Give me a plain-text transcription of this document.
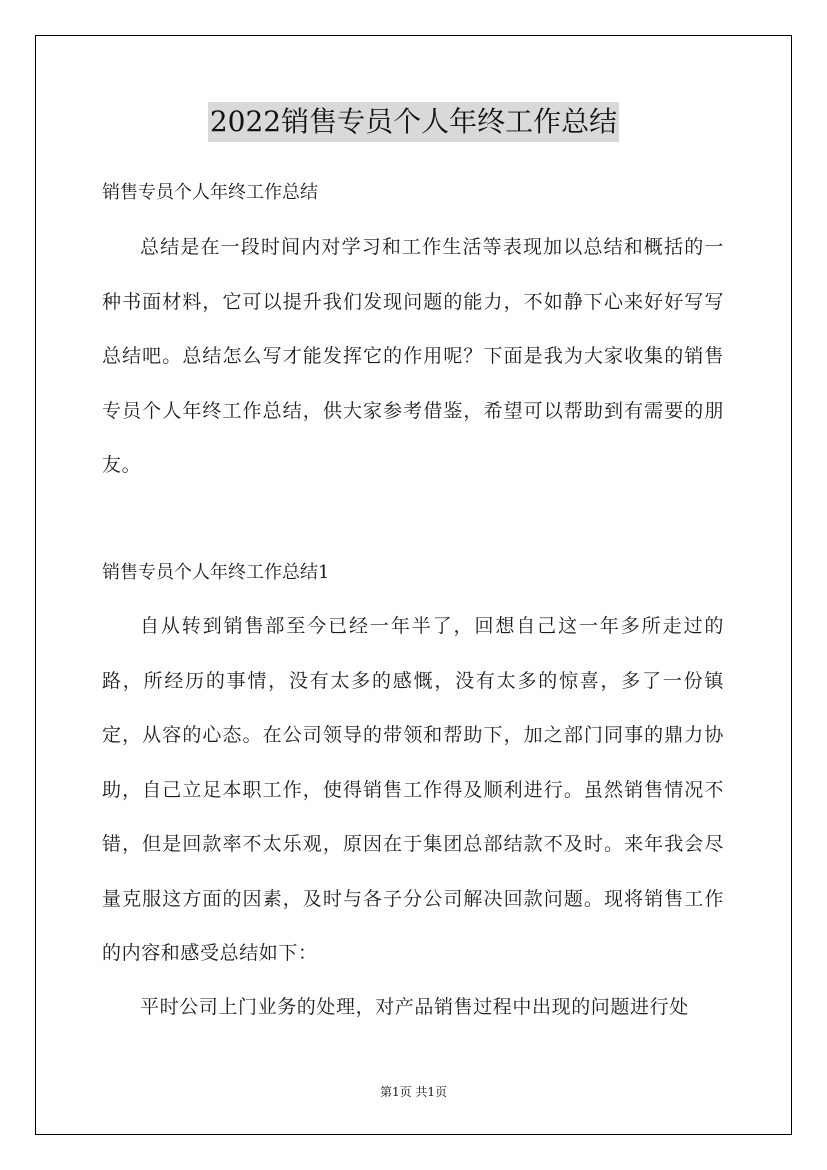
2022销售专员个人年终工作总结
销售专员个人年终工作总结

总结是在一段时间内对学习和工作生活等表现加以总结和概括的一种书面材料，它可以提升我们发现问题的能力，不如静下心来好好写写总结吧。总结怎么写才能发挥它的作用呢？下面是我为大家收集的销售专员个人年终工作总结，供大家参考借鉴，希望可以帮助到有需要的朋友。

销售专员个人年终工作总结1

自从转到销售部至今已经一年半了，回想自己这一年多所走过的路，所经历的事情，没有太多的感慨，没有太多的惊喜，多了一份镇定，从容的心态。在公司领导的带领和帮助下，加之部门同事的鼎力协助，自己立足本职工作，使得销售工作得及顺利进行。虽然销售情况不错，但是回款率不太乐观，原因在于集团总部结款不及时。来年我会尽量克服这方面的因素，及时与各子分公司解决回款问题。现将销售工作的内容和感受总结如下：

平时公司上门业务的处理，对产品销售过程中出现的问题进行处

第1页 共1页
